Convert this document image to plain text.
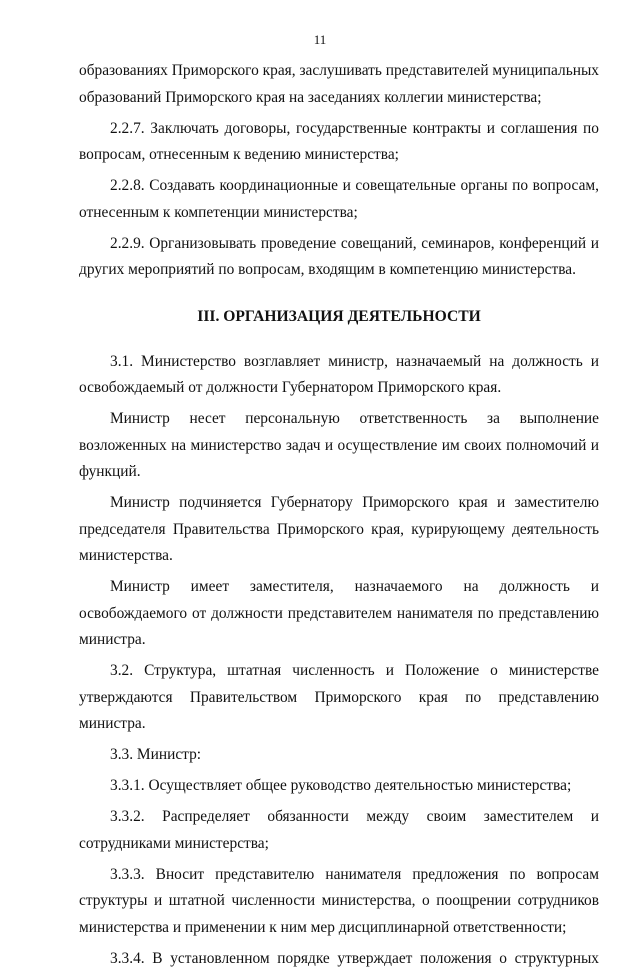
11

образованиях Приморского края, заслушивать представителей муниципальных образований Приморского края на заседаниях коллегии министерства;

2.2.7. Заключать договоры, государственные контракты и соглашения по вопросам, отнесенным к ведению министерства;

2.2.8. Создавать координационные и совещательные органы по вопросам, отнесенным к компетенции министерства;

2.2.9. Организовывать проведение совещаний, семинаров, конференций и других мероприятий по вопросам, входящим в компетенцию министерства.

III. ОРГАНИЗАЦИЯ ДЕЯТЕЛЬНОСТИ

3.1. Министерство возглавляет министр, назначаемый на должность и освобождаемый от должности Губернатором Приморского края.

Министр несет персональную ответственность за выполнение возложенных на министерство задач и осуществление им своих полномочий и функций.

Министр подчиняется Губернатору Приморского края и заместителю председателя Правительства Приморского края, курирующему деятельность министерства.

Министр имеет заместителя, назначаемого на должность и освобождаемого от должности представителем нанимателя по представлению министра.

3.2. Структура, штатная численность и Положение о министерстве утверждаются Правительством Приморского края по представлению министра.

3.3. Министр:

3.3.1. Осуществляет общее руководство деятельностью министерства;

3.3.2. Распределяет обязанности между своим заместителем и сотрудниками министерства;

3.3.3. Вносит представителю нанимателя предложения по вопросам структуры и штатной численности министерства, о поощрении сотрудников министерства и применении к ним мер дисциплинарной ответственности;

3.3.4. В установленном порядке утверждает положения о структурных
